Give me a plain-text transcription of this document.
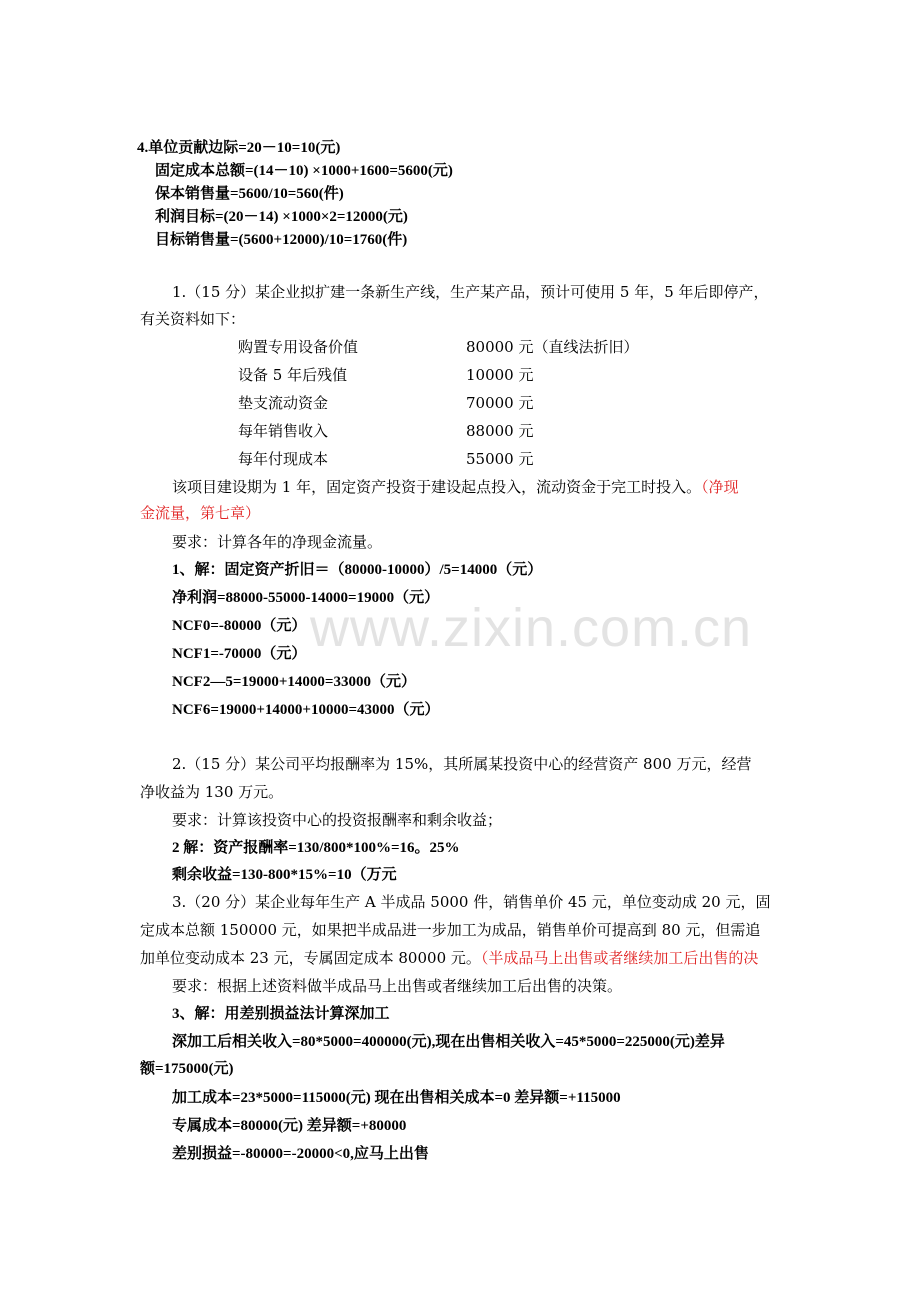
www.zixin.com.cn
4.单位贡献边际=20－10=10(元)
固定成本总额=(14－10) ×1000+1600=5600(元)
保本销售量=5600/10=560(件)
利润目标=(20－14) ×1000×2=12000(元)
目标销售量=(5600+12000)/10=1760(件)
1.（15 分）某企业拟扩建一条新生产线，生产某产品，预计可使用 5 年，5 年后即停产，
有关资料如下：
购置专用设备价值	80000 元（直线法折旧）
设备 5 年后残值	10000 元
垫支流动资金	70000 元
每年销售收入	88000 元
每年付现成本	55000 元
该项目建设期为 1 年，固定资产投资于建设起点投入，流动资金于完工时投入。（净现
金流量，第七章）
要求：计算各年的净现金流量。
1、解：固定资产折旧＝（80000-10000）/5=14000（元）
净利润=88000-55000-14000=19000（元）
NCF0=-80000（元）
NCF1=-70000（元）
NCF2—5=19000+14000=33000（元）
NCF6=19000+14000+10000=43000（元）
2.（15 分）某公司平均报酬率为 15%，其所属某投资中心的经营资产 800 万元，经营
净收益为 130 万元。
要求：计算该投资中心的投资报酬率和剩余收益；
2 解：资产报酬率=130/800*100%=16。25%
剩余收益=130-800*15%=10（万元
3.（20 分）某企业每年生产 A 半成品 5000 件，销售单价 45 元，单位变动成 20 元，固
定成本总额 150000 元，如果把半成品进一步加工为成品，销售单价可提高到 80 元，但需追
加单位变动成本 23 元，专属固定成本 80000 元。（半成品马上出售或者继续加工后出售的决
要求：根据上述资料做半成品马上出售或者继续加工后出售的决策。
3、解：用差别损益法计算深加工
深加工后相关收入=80*5000=400000(元),现在出售相关收入=45*5000=225000(元)差异
额=175000(元)
加工成本=23*5000=115000(元) 现在出售相关成本=0 差异额=+115000
专属成本=80000(元) 差异额=+80000
差别损益=-80000=-20000<0,应马上出售
